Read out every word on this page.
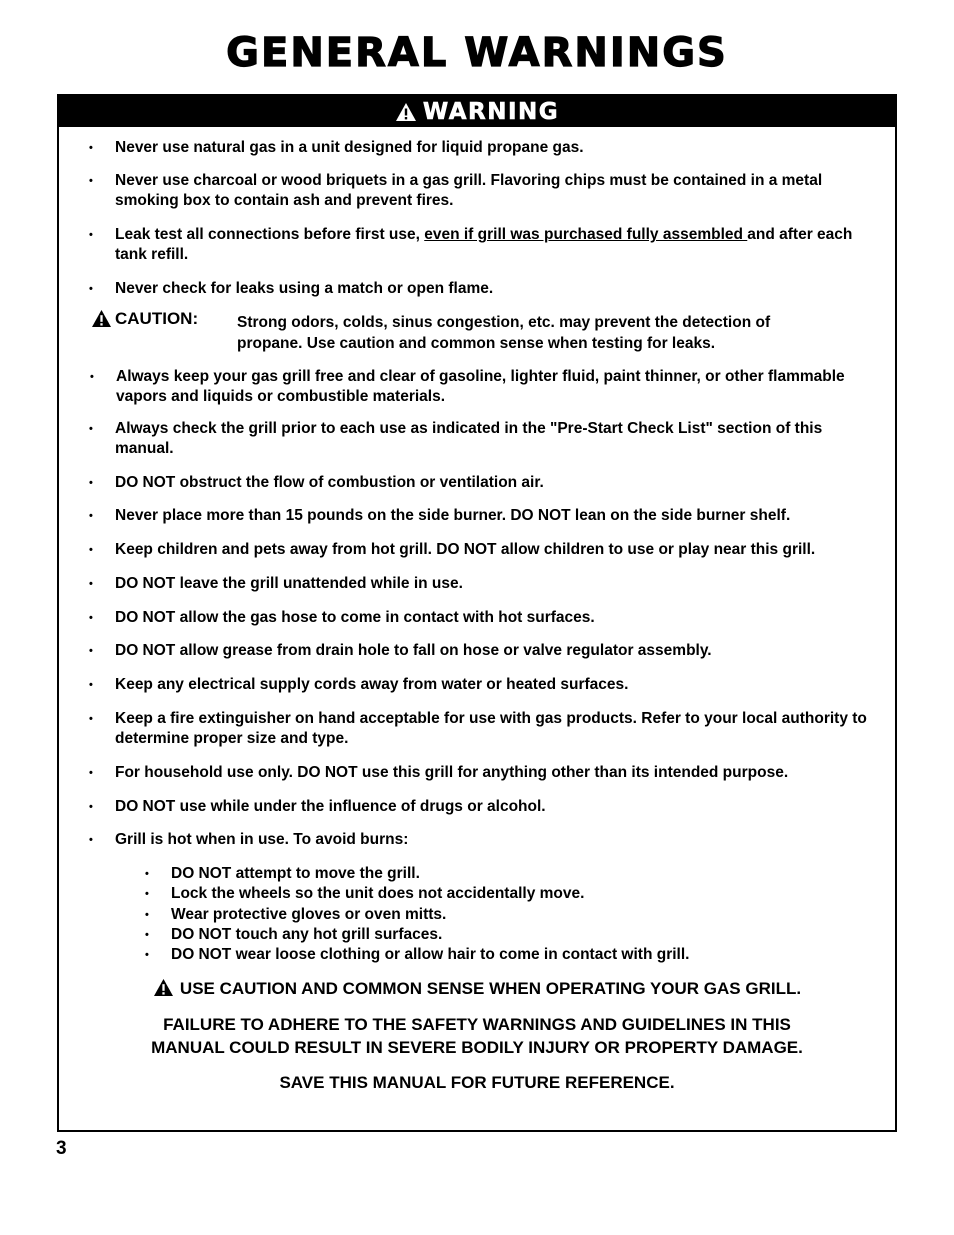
GENERAL WARNINGS
WARNING
• Never use natural gas in a unit designed for liquid propane gas.
• Never use charcoal or wood briquets in a gas grill. Flavoring chips must be contained in a metal smoking box to contain ash and prevent fires.
• Leak test all connections before first use, even if grill was purchased fully assembled and after each tank refill.
• Never check for leaks using a match or open flame.
CAUTION:	Strong odors, colds, sinus congestion, etc. may prevent the detection of propane. Use caution and common sense when testing for leaks.
• Always keep your gas grill free and clear of gasoline, lighter fluid, paint thinner, or other flammable vapors and liquids or combustible materials.
• Always check the grill prior to each use as indicated in the "Pre-Start Check List" section of this manual.
• DO NOT obstruct the flow of combustion or ventilation air.
• Never place more than 15 pounds on the side burner. DO NOT lean on the side burner shelf.
• Keep children and pets away from hot grill. DO NOT allow children to use or play near this grill.
• DO NOT leave the grill unattended while in use.
• DO NOT allow the gas hose to come in contact with hot surfaces.
• DO NOT allow grease from drain hole to fall on hose or valve regulator assembly.
• Keep any electrical supply cords away from water or heated surfaces.
• Keep a fire extinguisher on hand acceptable for use with gas products. Refer to your local authority to determine proper size and type.
• For household use only. DO NOT use this grill for anything other than its intended purpose.
• DO NOT use while under the influence of drugs or alcohol.
• Grill is hot when in use. To avoid burns:
• DO NOT attempt to move the grill.
• Lock the wheels so the unit does not accidentally move.
• Wear protective gloves or oven mitts.
• DO NOT touch any hot grill surfaces.
• DO NOT wear loose clothing or allow hair to come in contact with grill.
USE CAUTION AND COMMON SENSE WHEN OPERATING YOUR GAS GRILL.
FAILURE TO ADHERE TO THE SAFETY WARNINGS AND GUIDELINES IN THIS
MANUAL COULD RESULT IN SEVERE BODILY INJURY OR PROPERTY DAMAGE.
SAVE THIS MANUAL FOR FUTURE REFERENCE.
3
